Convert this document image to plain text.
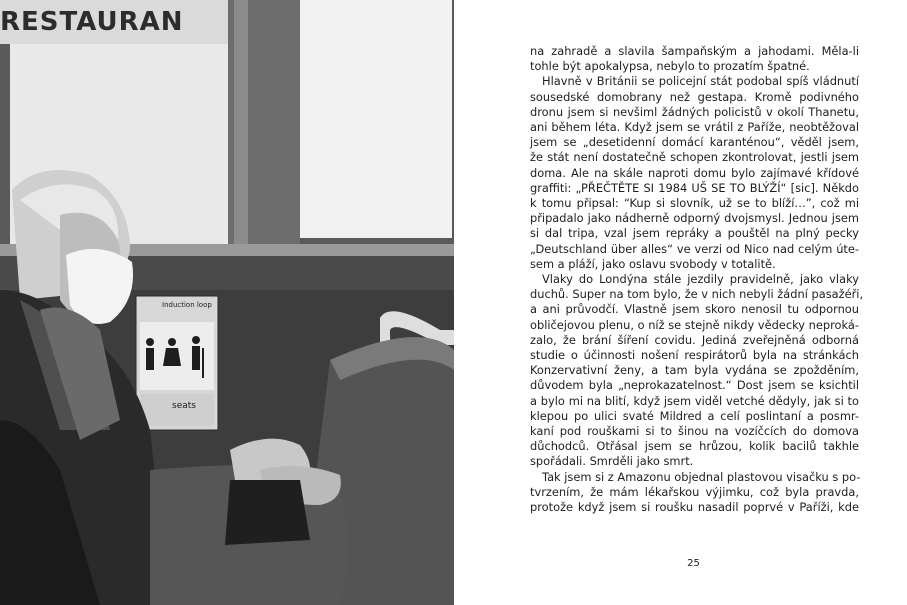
RESTAURAN
Induction loop
seats
na zahradě a slavila šampaňským a jahodami. Měla-li
tohle být apokalypsa, nebylo to prozatím špatné.
Hlavně v Británii se policejní stát podobal spíš vládnutí
sousedské domobrany než gestapa. Kromě podivného
dronu jsem si nevšiml žádných policistů v okolí Thanetu,
ani během léta. Když jsem se vrátil z Paříže, neobtěžoval
jsem se „desetidenní domácí karanténou“, věděl jsem,
že stát není dostatečně schopen zkontrolovat, jestli jsem
doma. Ale na skále naproti domu bylo zajímavé křídové
graffiti: „PŘEČTĚTE SI 1984 UŠ SE TO BLÝŽÍ“ [sic]. Někdo
k tomu připsal: “Kup si slovník, už se to blíží…”, což mi
připadalo jako nádherně odporný dvojsmysl. Jednou jsem
si dal tripa, vzal jsem repráky a pouštěl na plný pecky
„Deutschland über alles“ ve verzi od Nico nad celým úte-
sem a pláží, jako oslavu svobody v totalitě.
Vlaky do Londýna stále jezdily pravidelně, jako vlaky
duchů. Super na tom bylo, že v nich nebyli žádní pasažéři,
a ani průvodčí. Vlastně jsem skoro nenosil tu odpornou
obličejovou plenu, o níž se stejně nikdy vědecky neproká-
zalo, že brání šíření covidu. Jediná zveřejněná odborná
studie o účinnosti nošení respirátorů byla na stránkách
Konzervativní ženy, a tam byla vydána se zpožděním,
důvodem byla „neprokazatelnost.“ Dost jsem se ksichtil
a bylo mi na blití, když jsem viděl vetché dědyly, jak si to
klepou po ulici svaté Mildred a celí poslintaní a posmr-
kaní pod rouškami si to šinou na vozíčcích do domova
důchodců. Otřásal jsem se hrůzou, kolik bacilů takhle
spořádali. Smrděli jako smrt.
Tak jsem si z Amazonu objednal plastovou visačku s po-
tvrzením, že mám lékařskou výjimku, což byla pravda,
protože když jsem si roušku nasadil poprvé v Paříži, kde
25
